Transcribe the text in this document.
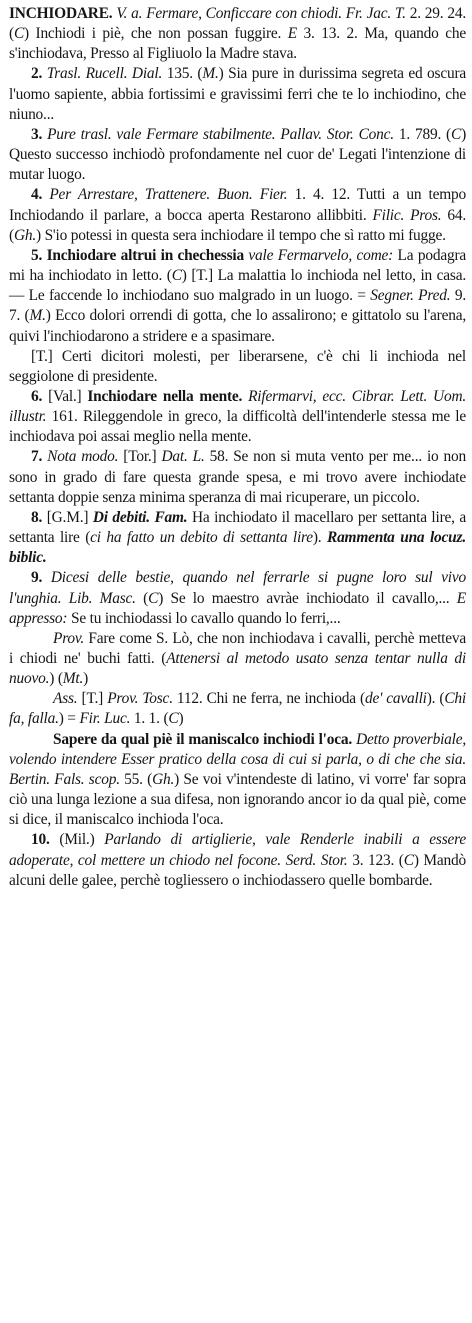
INCHIODARE. V. a. Fermare, Conficcare con chiodi. Fr. Jac. T. 2. 29. 24. (C) Inchiodi i piè, che non possan fuggire. E 3. 13. 2. Ma, quando che s'inchiodava, Presso al Figliuolo la Madre stava.

2. Trasl. Rucell. Dial. 135. (M.) Sia pure in durissima segreta ed oscura l'uomo sapiente, abbia fortissimi e gravissimi ferri che te lo inchiodino, che niuno...

3. Pure trasl. vale Fermare stabilmente. Pallav. Stor. Conc. 1. 789. (C) Questo successo inchiodò profondamente nel cuor de' Legati l'intenzione di mutar luogo.

4. Per Arrestare, Trattenere. Buon. Fier. 1. 4. 12. Tutti a un tempo Inchiodando il parlare, a bocca aperta Restarono allibbiti. Filic. Pros. 64. (Gh.) S'io potessi in questa sera inchiodare il tempo che sì ratto mi fugge.

5. Inchiodare altrui in chechessia vale Fermarvelo, come: La podagra mi ha inchiodato in letto. (C) [T.] La malattia lo inchioda nel letto, in casa. — Le faccende lo inchiodano suo malgrado in un luogo. = Segner. Pred. 9. 7. (M.) Ecco dolori orrendi di gotta, che lo assalirono; e gittatolo su l'arena, quivi l'inchiodarono a stridere e a spasimare.

[T.] Certi dicitori molesti, per liberarsene, c'è chi li inchioda nel seggiolone di presidente.

6. [Val.] Inchiodare nella mente. Rifermarvi, ecc. Cibrar. Lett. Uom. illustr. 161. Rileggendole in greco, la difficoltà dell'intenderle stessa me le inchiodava poi assai meglio nella mente.

7. Nota modo. [Tor.] Dat. L. 58. Se non si muta vento per me... io non sono in grado di fare questa grande spesa, e mi trovo avere inchiodate settanta doppie senza minima speranza di mai ricuperare, un piccolo.

8. [G.M.] Di debiti. Fam. Ha inchiodato il macellaro per settanta lire, a settanta lire (ci ha fatto un debito di settanta lire). Rammenta una locuz. biblic.

9. Dicesi delle bestie, quando nel ferrarle si pugne loro sul vivo l'unghia. Lib. Masc. (C) Se lo maestro avràe inchiodato il cavallo,... E appresso: Se tu inchiodassi lo cavallo quando lo ferri,...

Prov. Fare come S. Lò, che non inchiodava i cavalli, perchè metteva i chiodi ne' buchi fatti. (Attenersi al metodo usato senza tentar nulla di nuovo.) (Mt.)

Ass. [T.] Prov. Tosc. 112. Chi ne ferra, ne inchioda (de' cavalli). (Chi fa, falla.) = Fir. Luc. 1. 1. (C)

Sapere da qual piè il maniscalco inchiodi l'oca. Detto proverbiale, volendo intendere Esser pratico della cosa di cui si parla, o di che che sia. Bertin. Fals. scop. 55. (Gh.) Se voi v'intendeste di latino, vi vorre' far sopra ciò una lunga lezione a sua difesa, non ignorando ancor io da qual piè, come si dice, il maniscalco inchioda l'oca.

10. (Mil.) Parlando di artiglierie, vale Renderle inabili a essere adoperate, col mettere un chiodo nel focone. Serd. Stor. 3. 123. (C) Mandò alcuni delle galee, perchè togliessero o inchiodassero quelle bombarde.
